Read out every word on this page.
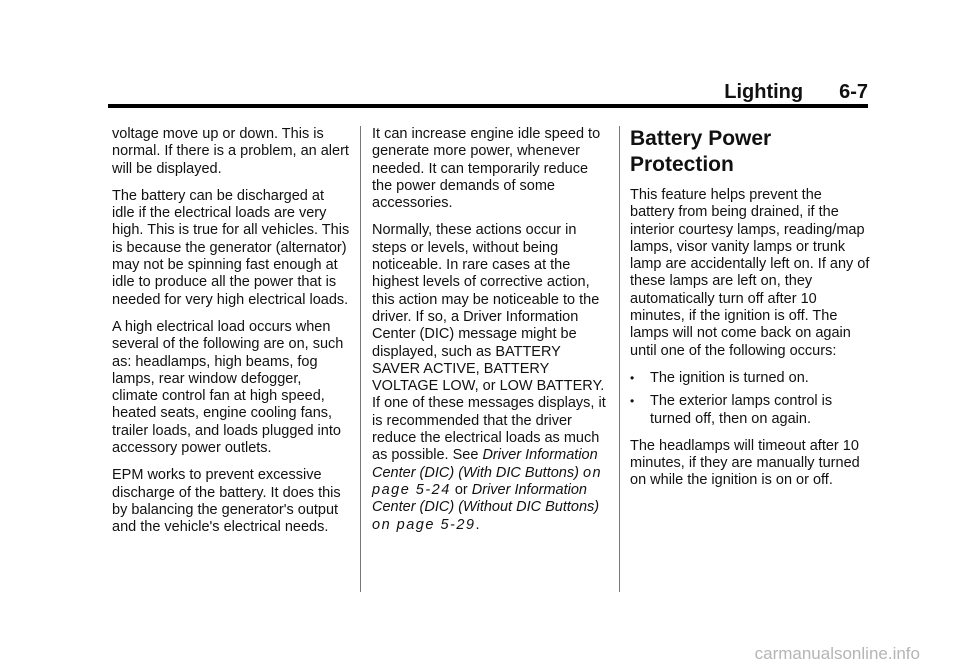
Lighting 6-7

voltage move up or down. This is normal. If there is a problem, an alert will be displayed.

The battery can be discharged at idle if the electrical loads are very high. This is true for all vehicles. This is because the generator (alternator) may not be spinning fast enough at idle to produce all the power that is needed for very high electrical loads.

A high electrical load occurs when several of the following are on, such as: headlamps, high beams, fog lamps, rear window defogger, climate control fan at high speed, heated seats, engine cooling fans, trailer loads, and loads plugged into accessory power outlets.

EPM works to prevent excessive discharge of the battery. It does this by balancing the generator's output and the vehicle's electrical needs.

It can increase engine idle speed to generate more power, whenever needed. It can temporarily reduce the power demands of some accessories.

Normally, these actions occur in steps or levels, without being noticeable. In rare cases at the highest levels of corrective action, this action may be noticeable to the driver. If so, a Driver Information Center (DIC) message might be displayed, such as BATTERY SAVER ACTIVE, BATTERY VOLTAGE LOW, or LOW BATTERY. If one of these messages displays, it is recommended that the driver reduce the electrical loads as much as possible. See Driver Information Center (DIC) (With DIC Buttons) on page 5-24 or Driver Information Center (DIC) (Without DIC Buttons) on page 5-29.

Battery Power Protection

This feature helps prevent the battery from being drained, if the interior courtesy lamps, reading/map lamps, visor vanity lamps or trunk lamp are accidentally left on. If any of these lamps are left on, they automatically turn off after 10 minutes, if the ignition is off. The lamps will not come back on again until one of the following occurs:

• The ignition is turned on.
• The exterior lamps control is turned off, then on again.

The headlamps will timeout after 10 minutes, if they are manually turned on while the ignition is on or off.

carmanualsonline.info
